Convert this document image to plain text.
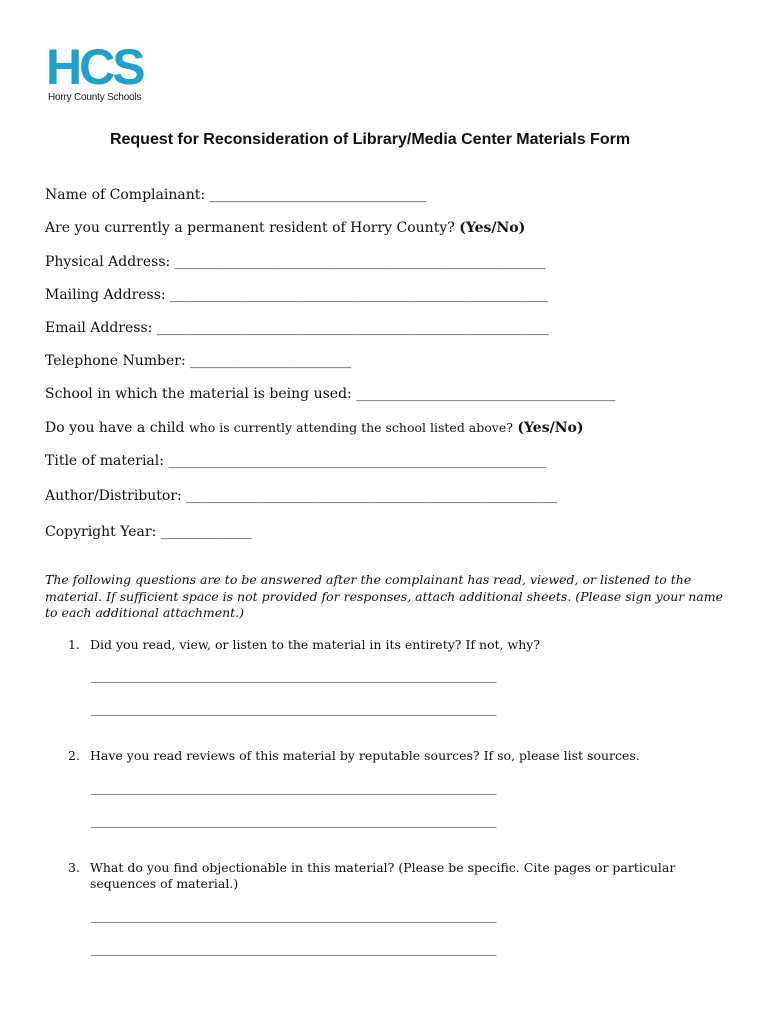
HCS
Horry County Schools
Request for Reconsideration of Library/Media Center Materials Form
Name of Complainant: _______________________________
Are you currently a permanent resident of Horry County? (Yes/No)
Physical Address: _____________________________________________________
Mailing Address: ______________________________________________________
Email Address: ________________________________________________________
Telephone Number: _______________________
School in which the material is being used: _____________________________________
Do you have a child who is currently attending the school listed above? (Yes/No)
Title of material: ______________________________________________________
Author/Distributor: _____________________________________________________
Copyright Year: _____________
The following questions are to be answered after the complainant has read, viewed, or listened to the material. If sufficient space is not provided for responses, attach additional sheets. (Please sign your name to each additional attachment.)
1. Did you read, view, or listen to the material in its entirety? If not, why?
___________________________________________________________________
___________________________________________________________________
2. Have you read reviews of this material by reputable sources? If so, please list sources.
___________________________________________________________________
___________________________________________________________________
3. What do you find objectionable in this material? (Please be specific. Cite pages or particular sequences of material.)
___________________________________________________________________
___________________________________________________________________
